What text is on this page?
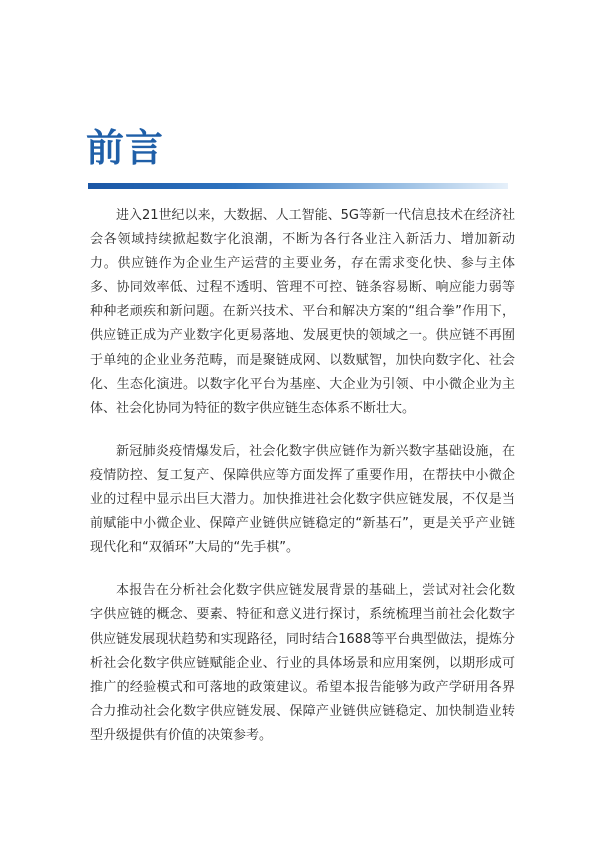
前言

进入21世纪以来，大数据、人工智能、5G等新一代信息技术在经济社会各领域持续掀起数字化浪潮，不断为各行各业注入新活力、增加新动力。供应链作为企业生产运营的主要业务，存在需求变化快、参与主体多、协同效率低、过程不透明、管理不可控、链条容易断、响应能力弱等种种老顽疾和新问题。在新兴技术、平台和解决方案的“组合拳”作用下，供应链正成为产业数字化更易落地、发展更快的领域之一。供应链不再囿于单纯的企业业务范畴，而是聚链成网、以数赋智，加快向数字化、社会化、生态化演进。以数字化平台为基座、大企业为引领、中小微企业为主体、社会化协同为特征的数字供应链生态体系不断壮大。

新冠肺炎疫情爆发后，社会化数字供应链作为新兴数字基础设施，在疫情防控、复工复产、保障供应等方面发挥了重要作用，在帮扶中小微企业的过程中显示出巨大潜力。加快推进社会化数字供应链发展，不仅是当前赋能中小微企业、保障产业链供应链稳定的“新基石”，更是关乎产业链现代化和“双循环”大局的“先手棋”。

本报告在分析社会化数字供应链发展背景的基础上，尝试对社会化数字供应链的概念、要素、特征和意义进行探讨，系统梳理当前社会化数字供应链发展现状趋势和实现路径，同时结合1688等平台典型做法，提炼分析社会化数字供应链赋能企业、行业的具体场景和应用案例，以期形成可推广的经验模式和可落地的政策建议。希望本报告能够为政产学研用各界合力推动社会化数字供应链发展、保障产业链供应链稳定、加快制造业转型升级提供有价值的决策参考。
